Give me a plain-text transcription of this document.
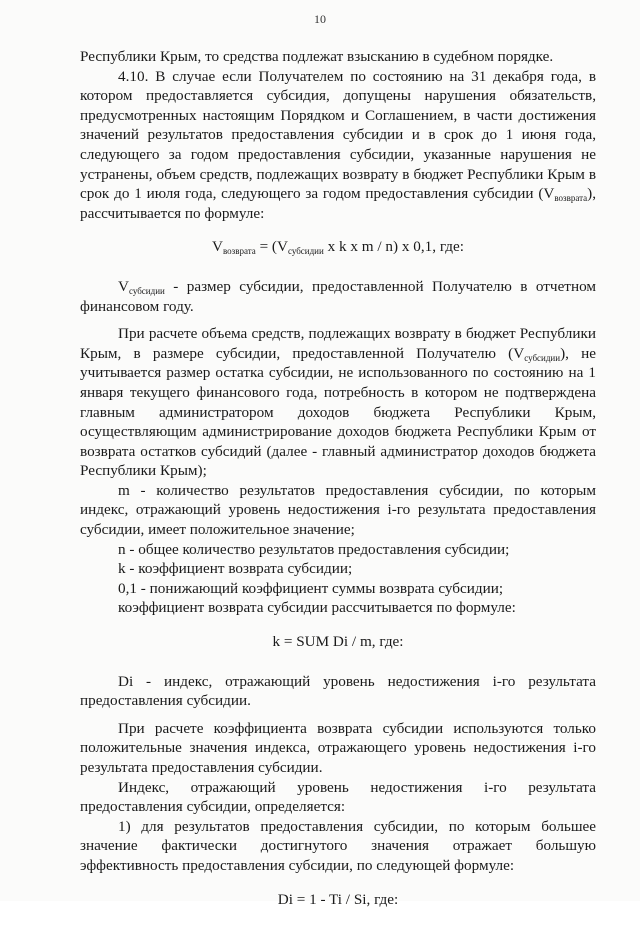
10

Республики Крым, то средства подлежат взысканию в судебном порядке.

4.10. В случае если Получателем по состоянию на 31 декабря года, в котором предоставляется субсидия, допущены нарушения обязательств, предусмотренных настоящим Порядком и Соглашением, в части достижения значений результатов предоставления субсидии и в срок до 1 июня года, следующего за годом предоставления субсидии, указанные нарушения не устранены, объем средств, подлежащих возврату в бюджет Республики Крым в срок до 1 июля года, следующего за годом предоставления субсидии $(V_{возврата})$, рассчитывается по формуле:

$V_{возврата} = (V_{субсидии}$ x k x m / n) x 0,1, где:

$V_{субсидии}$ - размер субсидии, предоставленной Получателю в отчетном финансовом году.

При расчете объема средств, подлежащих возврату в бюджет Республики Крым, в размере субсидии, предоставленной Получателю $(V_{субсидии})$, не учитывается размер остатка субсидии, не использованного по состоянию на 1 января текущего финансового года, потребность в котором не подтверждена главным администратором доходов бюджета Республики Крым, осуществляющим администрирование доходов бюджета Республики Крым от возврата остатков субсидий (далее - главный администратор доходов бюджета Республики Крым);

m - количество результатов предоставления субсидии, по которым индекс, отражающий уровень недостижения i-го результата предоставления субсидии, имеет положительное значение;

n - общее количество результатов предоставления субсидии;

k - коэффициент возврата субсидии;

0,1 - понижающий коэффициент суммы возврата субсидии;

коэффициент возврата субсидии рассчитывается по формуле:

k = SUM Di / m, где:

Di - индекс, отражающий уровень недостижения i-го результата предоставления субсидии.

При расчете коэффициента возврата субсидии используются только положительные значения индекса, отражающего уровень недостижения i-го результата предоставления субсидии.

Индекс, отражающий уровень недостижения i-го результата предоставления субсидии, определяется:

1) для результатов предоставления субсидии, по которым большее значение фактически достигнутого значения отражает большую эффективность предоставления субсидии, по следующей формуле:

Di = 1 - Ti / Si, где:
